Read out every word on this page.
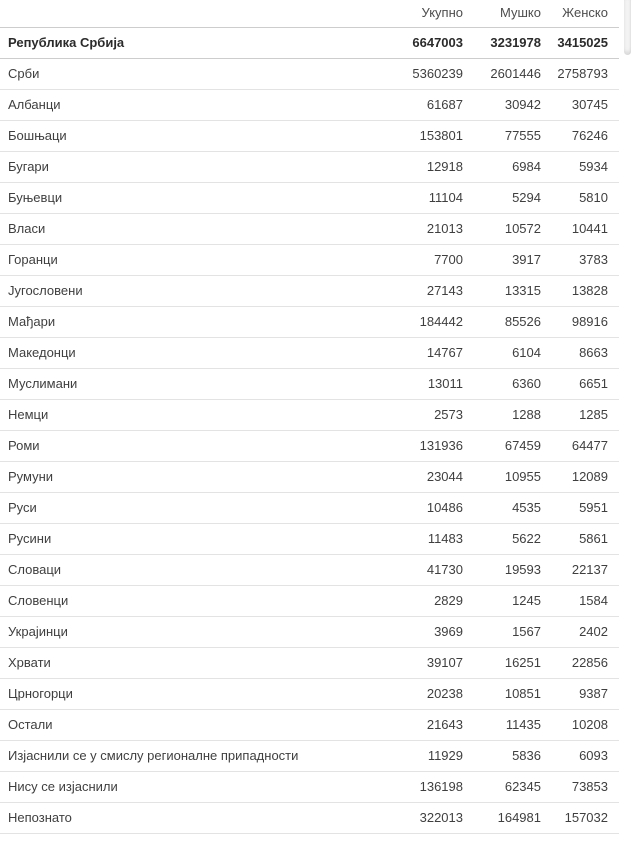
	Укупно	Мушко	Женско
Република Србија	6647003	3231978	3415025
Срби	5360239	2601446	2758793
Албанци	61687	30942	30745
Бошњаци	153801	77555	76246
Бугари	12918	6984	5934
Буњевци	11104	5294	5810
Власи	21013	10572	10441
Горанци	7700	3917	3783
Југословени	27143	13315	13828
Мађари	184442	85526	98916
Македонци	14767	6104	8663
Муслимани	13011	6360	6651
Немци	2573	1288	1285
Роми	131936	67459	64477
Румуни	23044	10955	12089
Руси	10486	4535	5951
Русини	11483	5622	5861
Словаци	41730	19593	22137
Словенци	2829	1245	1584
Украјинци	3969	1567	2402
Хрвати	39107	16251	22856
Црногорци	20238	10851	9387
Остали	21643	11435	10208
Изјаснили се у смислу регионалне припадности	11929	5836	6093
Нису се изјаснили	136198	62345	73853
Непознато	322013	164981	157032
